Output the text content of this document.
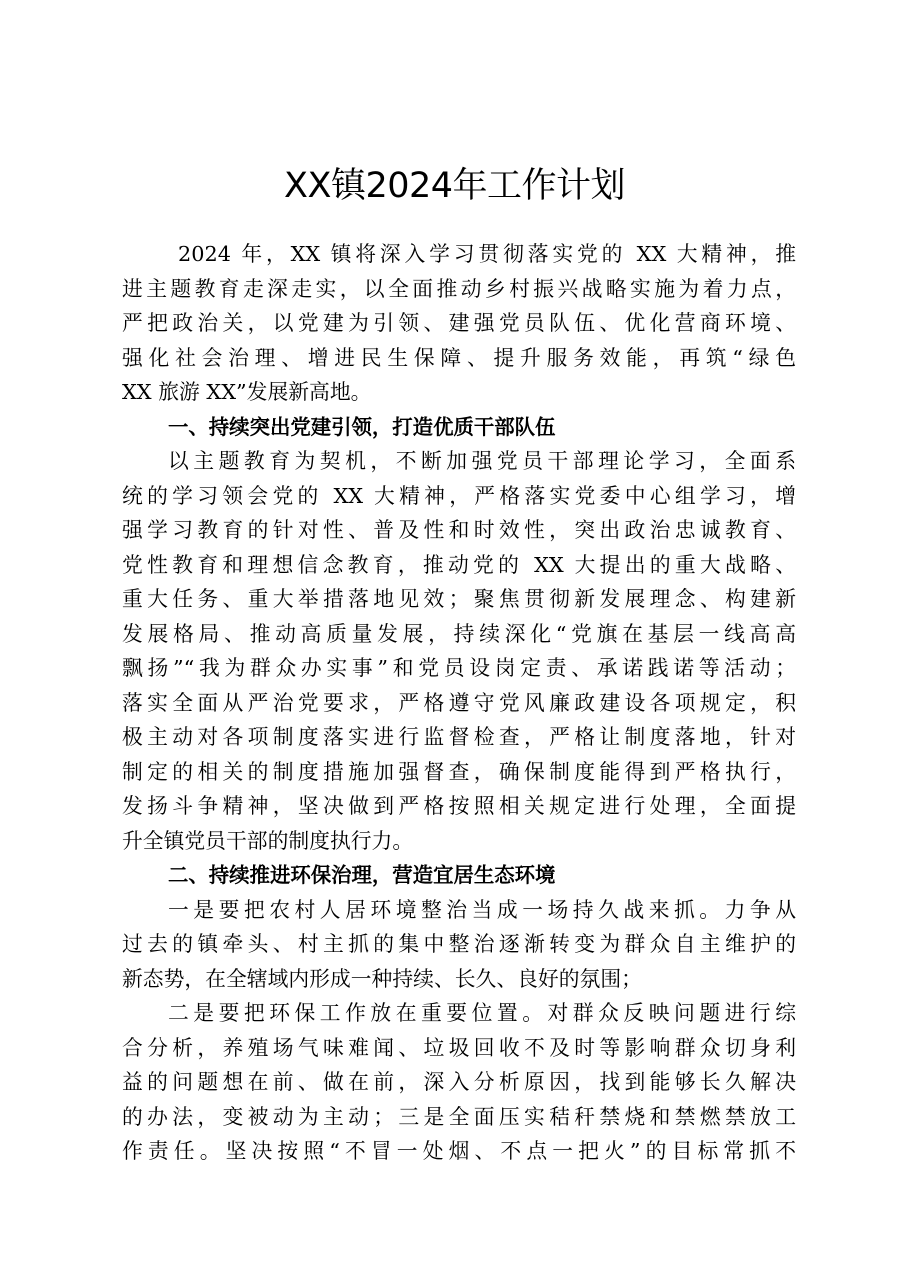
XX镇2024年工作计划
2024 年，XX 镇将深入学习贯彻落实党的 XX 大精神，推
进主题教育走深走实，以全面推动乡村振兴战略实施为着力点，
严把政治关，以党建为引领、建强党员队伍、优化营商环境、
强化社会治理、增进民生保障、提升服务效能，再筑“绿色
XX 旅游 XX”发展新高地。
一、持续突出党建引领，打造优质干部队伍
以主题教育为契机，不断加强党员干部理论学习，全面系
统的学习领会党的 XX 大精神，严格落实党委中心组学习，增
强学习教育的针对性、普及性和时效性，突出政治忠诚教育、
党性教育和理想信念教育，推动党的 XX 大提出的重大战略、
重大任务、重大举措落地见效；聚焦贯彻新发展理念、构建新
发展格局、推动高质量发展，持续深化“党旗在基层一线高高
飘扬”“我为群众办实事”和党员设岗定责、承诺践诺等活动；
落实全面从严治党要求，严格遵守党风廉政建设各项规定，积
极主动对各项制度落实进行监督检查，严格让制度落地，针对
制定的相关的制度措施加强督查，确保制度能得到严格执行，
发扬斗争精神，坚决做到严格按照相关规定进行处理，全面提
升全镇党员干部的制度执行力。
二、持续推进环保治理，营造宜居生态环境
一是要把农村人居环境整治当成一场持久战来抓。力争从
过去的镇牵头、村主抓的集中整治逐渐转变为群众自主维护的
新态势，在全辖域内形成一种持续、长久、良好的氛围；
二是要把环保工作放在重要位置。对群众反映问题进行综
合分析，养殖场气味难闻、垃圾回收不及时等影响群众切身利
益的问题想在前、做在前，深入分析原因，找到能够长久解决
的办法，变被动为主动；三是全面压实秸秆禁烧和禁燃禁放工
作责任。坚决按照“不冒一处烟、不点一把火”的目标常抓不
